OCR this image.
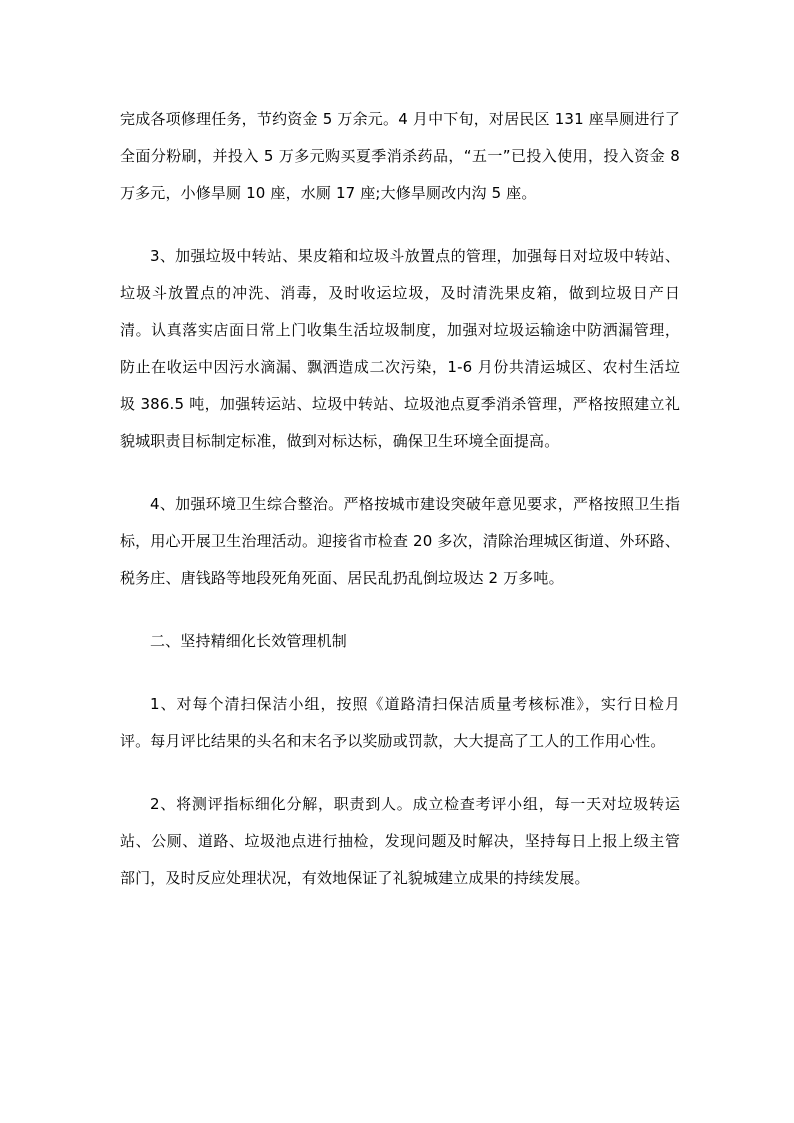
完成各项修理任务，节约资金 5 万余元。4 月中下旬，对居民区 131 座旱厕进行了全面分粉刷，并投入 5 万多元购买夏季消杀药品，“五一”已投入使用，投入资金 8 万多元，小修旱厕 10 座，水厕 17 座;大修旱厕改内沟 5 座。

3、加强垃圾中转站、果皮箱和垃圾斗放置点的管理，加强每日对垃圾中转站、垃圾斗放置点的冲洗、消毒，及时收运垃圾，及时清洗果皮箱，做到垃圾日产日清。认真落实店面日常上门收集生活垃圾制度，加强对垃圾运输途中防洒漏管理，防止在收运中因污水滴漏、飘洒造成二次污染，1-6 月份共清运城区、农村生活垃圾 386.5 吨，加强转运站、垃圾中转站、垃圾池点夏季消杀管理，严格按照建立礼貌城职责目标制定标准，做到对标达标，确保卫生环境全面提高。

4、加强环境卫生综合整治。严格按城市建设突破年意见要求，严格按照卫生指标，用心开展卫生治理活动。迎接省市检查 20 多次，清除治理城区街道、外环路、税务庄、唐钱路等地段死角死面、居民乱扔乱倒垃圾达 2 万多吨。

二、坚持精细化长效管理机制

1、对每个清扫保洁小组，按照《道路清扫保洁质量考核标准》，实行日检月评。每月评比结果的头名和末名予以奖励或罚款，大大提高了工人的工作用心性。

2、将测评指标细化分解，职责到人。成立检查考评小组，每一天对垃圾转运站、公厕、道路、垃圾池点进行抽检，发现问题及时解决，坚持每日上报上级主管部门，及时反应处理状况，有效地保证了礼貌城建立成果的持续发展。
